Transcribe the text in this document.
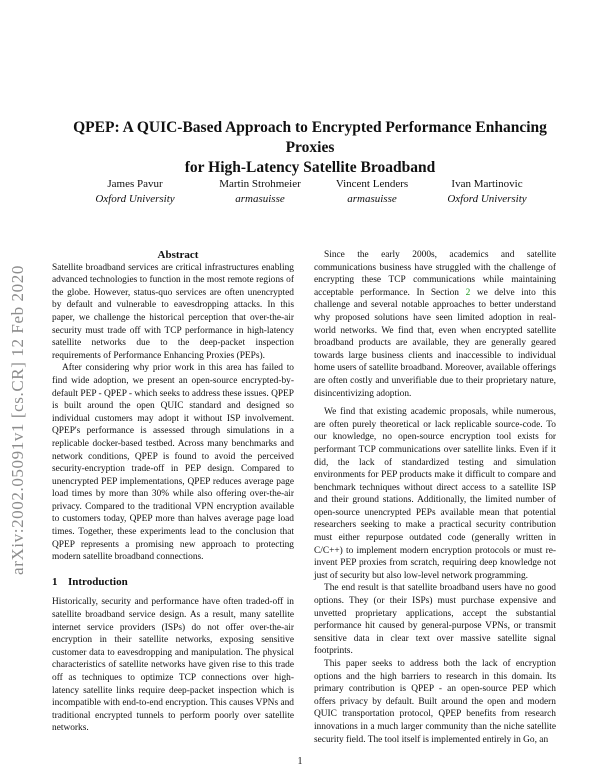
arXiv:2002.05091v1 [cs.CR] 12 Feb 2020
QPEP: A QUIC-Based Approach to Encrypted Performance Enhancing Proxies
for High-Latency Satellite Broadband
James Pavur
Oxford University
Martin Strohmeier
armasuisse
Vincent Lenders
armasuisse
Ivan Martinovic
Oxford University

Abstract

Satellite broadband services are critical infrastructures enabling advanced technologies to function in the most remote regions of the globe. However, status-quo services are often unencrypted by default and vulnerable to eavesdropping attacks. In this paper, we challenge the historical perception that over-the-air security must trade off with TCP performance in high-latency satellite networks due to the deep-packet inspection requirements of Performance Enhancing Proxies (PEPs).

After considering why prior work in this area has failed to find wide adoption, we present an open-source encrypted-by-default PEP - QPEP - which seeks to address these issues. QPEP is built around the open QUIC standard and designed so individual customers may adopt it without ISP involvement. QPEP's performance is assessed through simulations in a replicable docker-based testbed. Across many benchmarks and network conditions, QPEP is found to avoid the perceived security-encryption trade-off in PEP design. Compared to unencrypted PEP implementations, QPEP reduces average page load times by more than 30% while also offering over-the-air privacy. Compared to the traditional VPN encryption available to customers today, QPEP more than halves average page load times. Together, these experiments lead to the conclusion that QPEP represents a promising new approach to protecting modern satellite broadband connections.

1 Introduction

Historically, security and performance have often traded-off in satellite broadband service design. As a result, many satellite internet service providers (ISPs) do not offer over-the-air encryption in their satellite networks, exposing sensitive customer data to eavesdropping and manipulation. The physical characteristics of satellite networks have given rise to this trade off as techniques to optimize TCP connections over high-latency satellite links require deep-packet inspection which is incompatible with end-to-end encryption. This causes VPNs and traditional encrypted tunnels to perform poorly over satellite networks.

Since the early 2000s, academics and satellite communications business have struggled with the challenge of encrypting these TCP communications while maintaining acceptable performance. In Section 2 we delve into this challenge and several notable approaches to better understand why proposed solutions have seen limited adoption in real-world networks. We find that, even when encrypted satellite broadband products are available, they are generally geared towards large business clients and inaccessible to individual home users of satellite broadband. Moreover, available offerings are often costly and unverifiable due to their proprietary nature, disincentivizing adoption.

We find that existing academic proposals, while numerous, are often purely theoretical or lack replicable source-code. To our knowledge, no open-source encryption tool exists for performant TCP communications over satellite links. Even if it did, the lack of standardized testing and simulation environments for PEP products make it difficult to compare and benchmark techniques without direct access to a satellite ISP and their ground stations. Additionally, the limited number of open-source unencrypted PEPs available mean that potential researchers seeking to make a practical security contribution must either repurpose outdated code (generally written in C/C++) to implement modern encryption protocols or must re-invent PEP proxies from scratch, requiring deep knowledge not just of security but also low-level network programming.

The end result is that satellite broadband users have no good options. They (or their ISPs) must purchase expensive and unvetted proprietary applications, accept the substantial performance hit caused by general-purpose VPNs, or transmit sensitive data in clear text over massive satellite signal footprints.

This paper seeks to address both the lack of encryption options and the high barriers to research in this domain. Its primary contribution is QPEP - an open-source PEP which offers privacy by default. Built around the open and modern QUIC transportation protocol, QPEP benefits from research innovations in a much larger community than the niche satellite security field. The tool itself is implemented entirely in Go, an

1
